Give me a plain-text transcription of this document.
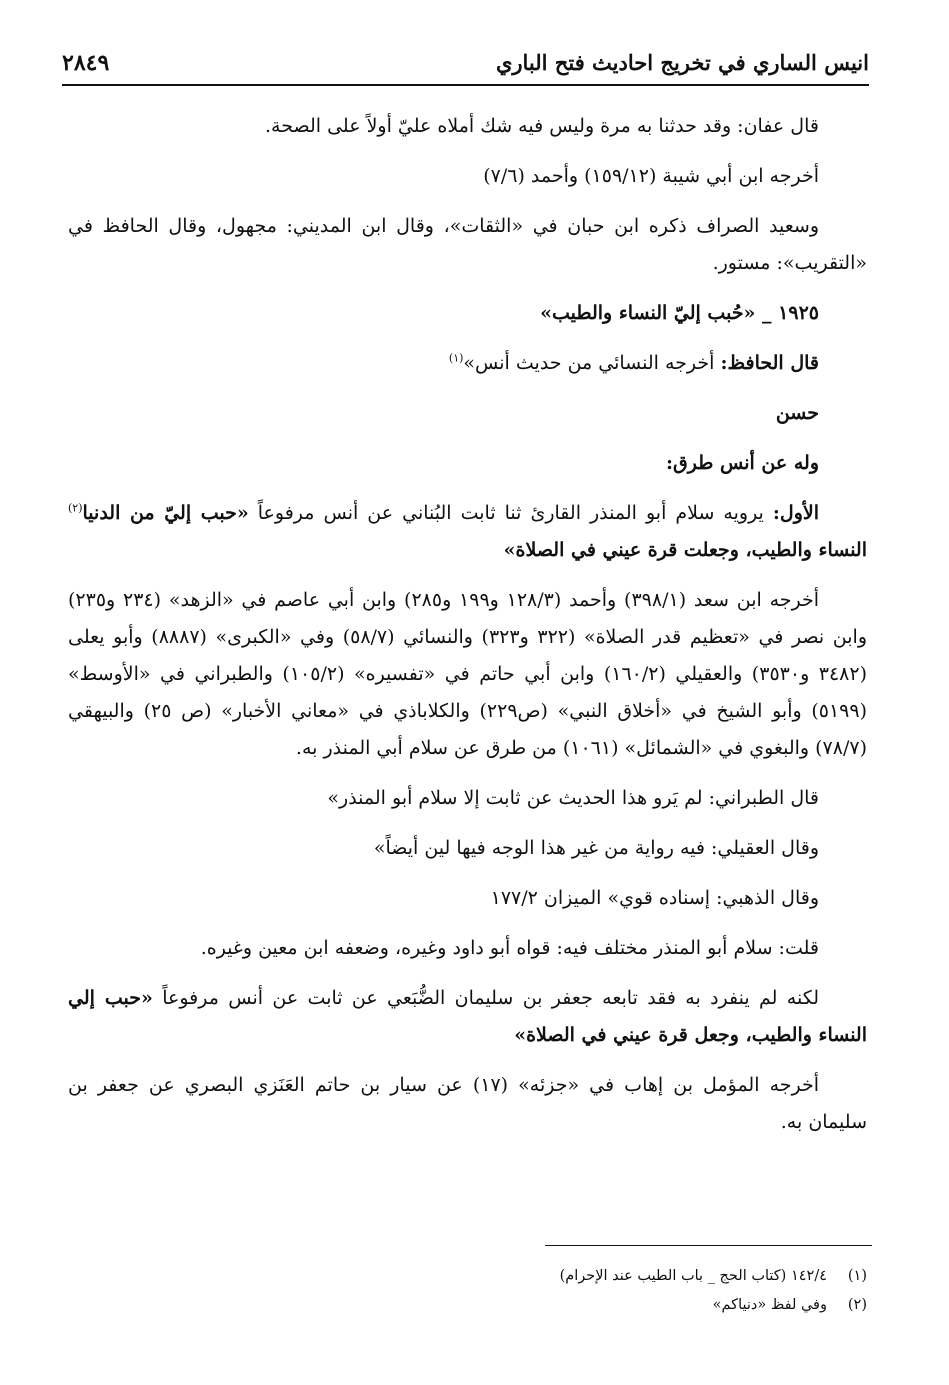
انيس الساري في تخريج احاديث فتح الباري
٢٨٤٩

قال عفان: وقد حدثنا به مرة وليس فيه شك أملاه عليّ أولاً على الصحة.

أخرجه ابن أبي شيبة (١٥٩/١٢) وأحمد (٧/٦)

وسعيد الصراف ذكره ابن حبان في «الثقات»، وقال ابن المديني: مجهول، وقال الحافظ في «التقريب»: مستور.

١٩٢٥ _ «حُبب إليّ النساء والطيب»

قال الحافظ: أخرجه النسائي من حديث أنس»$^{(١)}$

حسن

وله عن أنس طرق:

الأول: يرويه سلام أبو المنذر القارئ ثنا ثابت البُناني عن أنس مرفوعاً «حبب إليّ من الدنيا$^{(٢)}$ النساء والطيب، وجعلت قرة عيني في الصلاة»

أخرجه ابن سعد (٣٩٨/١) وأحمد (١٢٨/٣ و١٩٩ و٢٨٥) وابن أبي عاصم في «الزهد» (٢٣٤ و٢٣٥) وابن نصر في «تعظيم قدر الصلاة» (٣٢٢ و٣٢٣) والنسائي (٥٨/٧) وفي «الكبرى» (٨٨٨٧) وأبو يعلى (٣٤٨٢ و٣٥٣٠) والعقيلي (١٦٠/٢) وابن أبي حاتم في «تفسيره» (١٠٥/٢) والطبراني في «الأوسط» (٥١٩٩) وأبو الشيخ في «أخلاق النبي» (ص٢٢٩) والكلاباذي في «معاني الأخبار» (ص ٢٥) والبيهقي (٧٨/٧) والبغوي في «الشمائل» (١٠٦١) من طرق عن سلام أبي المنذر به.

قال الطبراني: لم يَرو هذا الحديث عن ثابت إلا سلام أبو المنذر»

وقال العقيلي: فيه رواية من غير هذا الوجه فيها لين أيضاً»

وقال الذهبي: إسناده قوي» الميزان ١٧٧/٢

قلت: سلام أبو المنذر مختلف فيه: قواه أبو داود وغيره، وضعفه ابن معين وغيره.

لكنه لم ينفرد به فقد تابعه جعفر بن سليمان الضُّبَعي عن ثابت عن أنس مرفوعاً «حبب إلي النساء والطيب، وجعل قرة عيني في الصلاة»

أخرجه المؤمل بن إهاب في «جزئه» (١٧) عن سيار بن حاتم العَنَزي البصري عن جعفر بن سليمان به.

(١)١٤٢/٤ (كتاب الحج _ باب الطيب عند الإحرام)
(٢)وفي لفظ «دنياكم»
